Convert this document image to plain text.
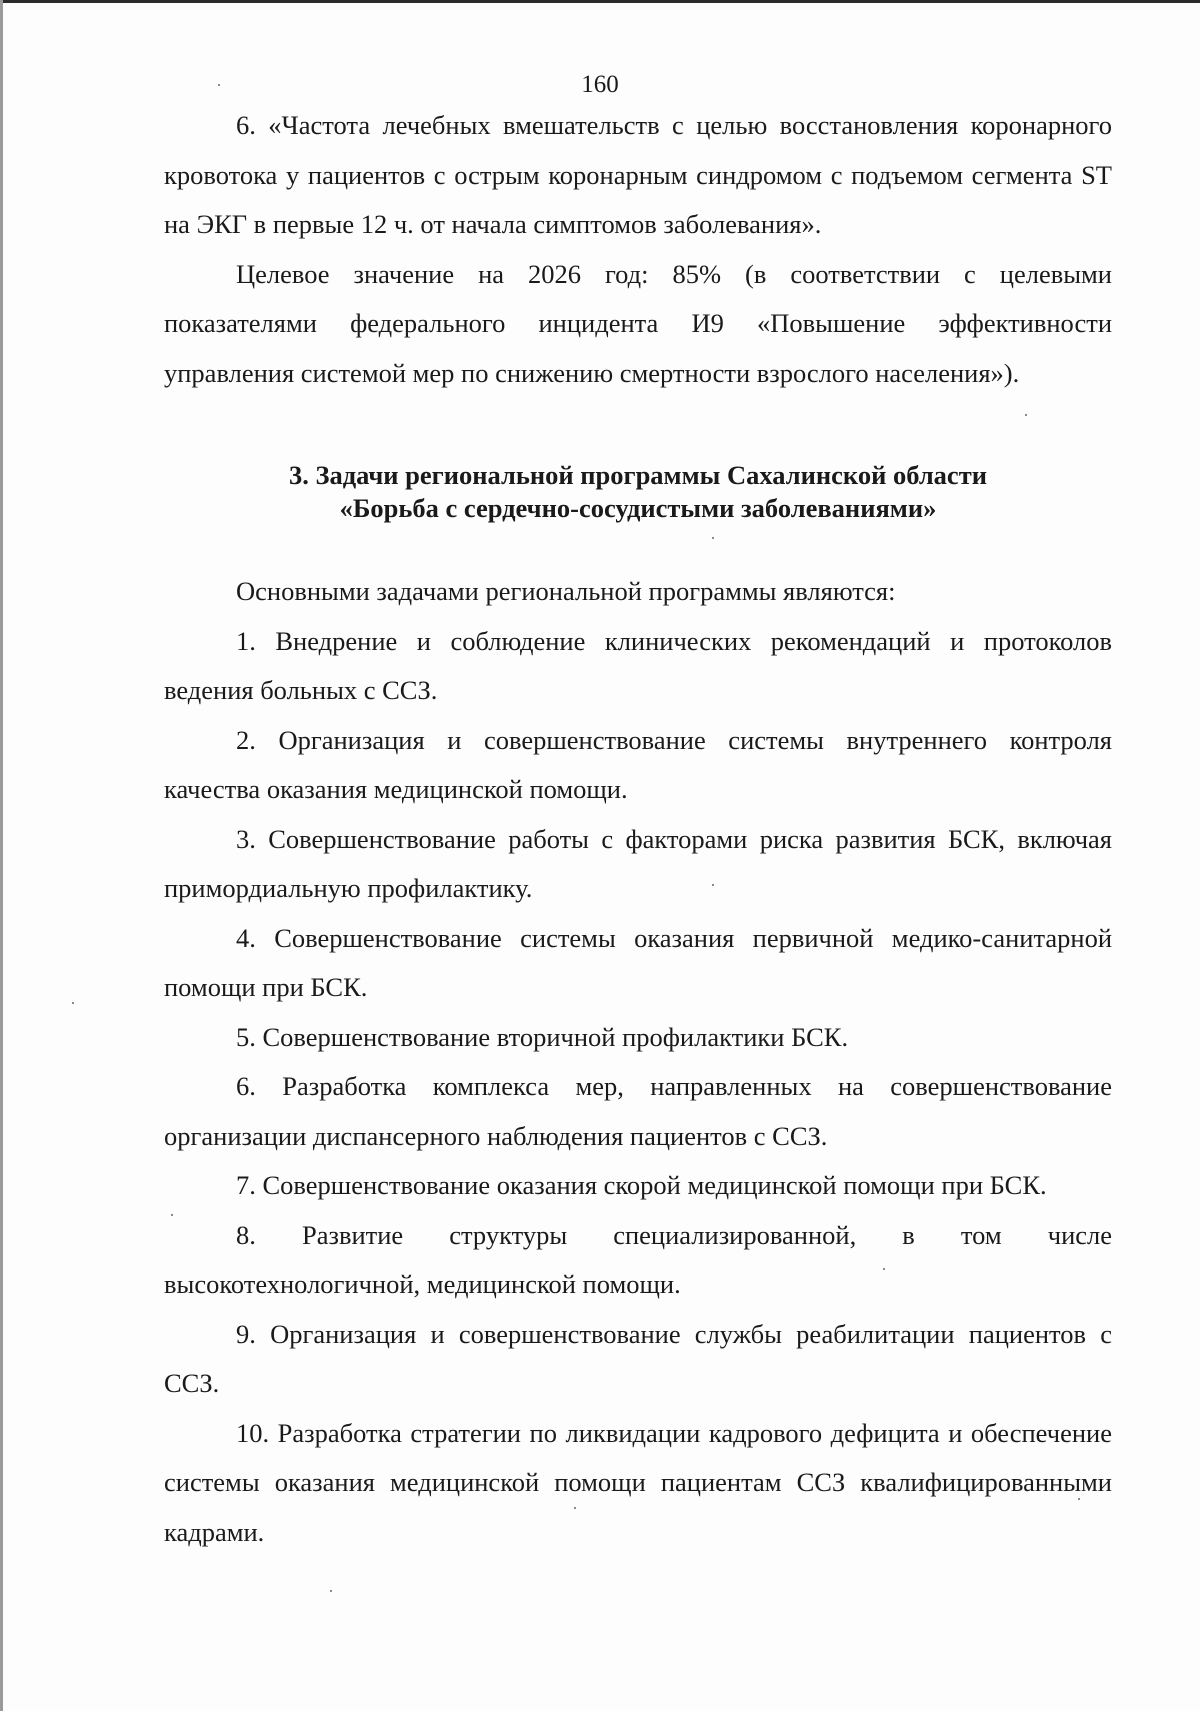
160

6. «Частота лечебных вмешательств с целью восстановления коронарного кровотока у пациентов с острым коронарным синдромом с подъемом сегмента ST на ЭКГ в первые 12 ч. от начала симптомов заболевания».

Целевое значение на 2026 год: 85% (в соответствии с целевыми показателями федерального инцидента И9 «Повышение эффективности управления системой мер по снижению смертности взрослого населения»).

3. Задачи региональной программы Сахалинской области
«Борьба с сердечно-сосудистыми заболеваниями»

Основными задачами региональной программы являются:

1. Внедрение и соблюдение клинических рекомендаций и протоколов ведения больных с ССЗ.

2. Организация и совершенствование системы внутреннего контроля качества оказания медицинской помощи.

3. Совершенствование работы с факторами риска развития БСК, включая примордиальную профилактику.

4. Совершенствование системы оказания первичной медико-санитарной помощи при БСК.

5. Совершенствование вторичной профилактики БСК.

6. Разработка комплекса мер, направленных на совершенствование организации диспансерного наблюдения пациентов с ССЗ.

7. Совершенствование оказания скорой медицинской помощи при БСК.

8. Развитие структуры специализированной, в том числе высокотехнологичной, медицинской помощи.

9. Организация и совершенствование службы реабилитации пациентов с ССЗ.

10. Разработка стратегии по ликвидации кадрового дефицита и обеспечение системы оказания медицинской помощи пациентам ССЗ квалифицированными кадрами.
